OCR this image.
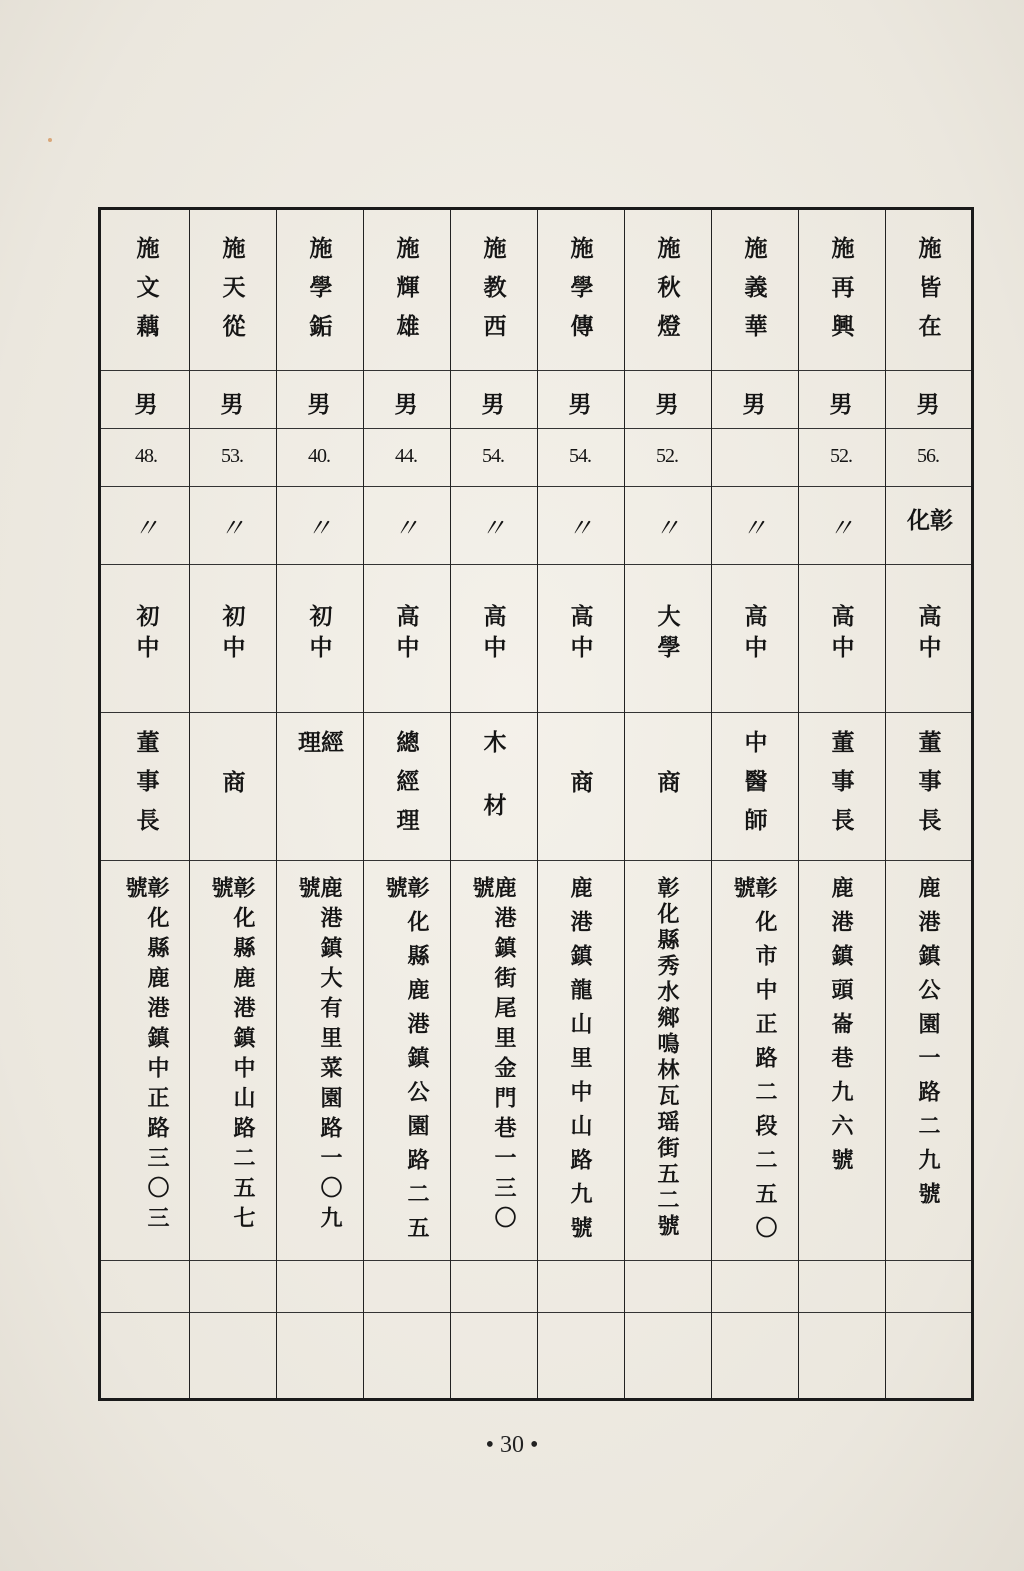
施皆在
施再興
施義華
施秋燈
施學傳
施教西
施輝雄
施學銗
施天從
施文藕
男
男
男
男
男
男
男
男
男
男
56.
52.
52.
54.
54.
44.
40.
53.
48.
彰化
〃
〃
〃
〃
〃
〃
〃
〃
〃
高中
高中
高中
大學
高中
高中
高中
初中
初中
初中
董事長
董事長
中醫師
商
商
木材
總經理
經理
商
董事長
鹿港鎮公園一路二九號
鹿港鎮頭崙巷九六號
彰化市中正路二段二五〇號
彰化縣秀水鄉鳴林瓦瑶街五二號
鹿港鎮龍山里中山路九號
鹿港鎮街尾里金門巷一三〇號
彰化縣鹿港鎮公園路二五號
鹿港鎮大有里菜園路一〇九號
彰化縣鹿港鎮中山路二五七號
彰化縣鹿港鎮中正路三〇三號
• 30 •
